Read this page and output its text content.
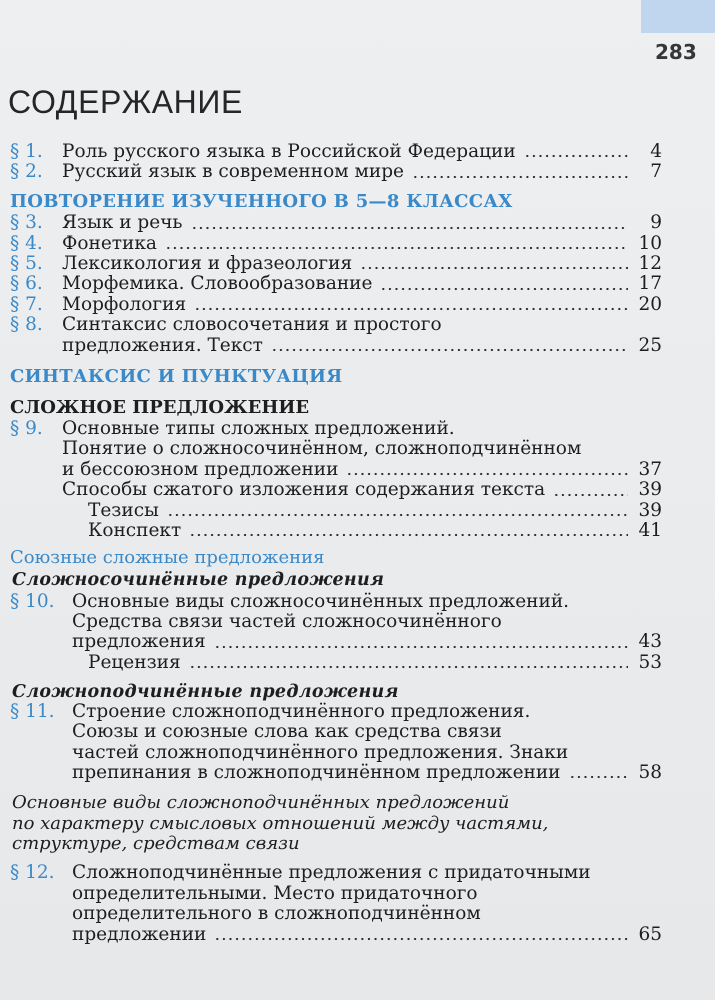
283
СОДЕРЖАНИЕ
§ 1.	Роль русского языка в Российской Федерации	4
§ 2.	Русский язык в современном мире	7
ПОВТОРЕНИЕ ИЗУЧЕННОГО В 5—8 КЛАССАХ
§ 3.	Язык и речь	9
§ 4.	Фонетика	10
§ 5.	Лексикология и фразеология	12
§ 6.	Морфемика. Словообразование	17
§ 7.	Морфология	20
§ 8.	Синтаксис словосочетания и простого
предложения. Текст	25
СИНТАКСИС И ПУНКТУАЦИЯ
СЛОЖНОЕ ПРЕДЛОЖЕНИЕ
§ 9.	Основные типы сложных предложений.
Понятие о сложносочинённом, сложноподчинённом
и бессоюзном предложении	37
Способы сжатого изложения содержания текста	39
Тезисы	39
Конспект	41
Союзные сложные предложения
Сложносочинённые предложения
§ 10. Основные виды сложносочинённых предложений.
Средства связи частей сложносочинённого
предложения	43
Рецензия	53
Сложноподчинённые предложения
§ 11. Строение сложноподчинённого предложения.
Союзы и союзные слова как средства связи
частей сложноподчинённого предложения. Знаки
препинания в сложноподчинённом предложении	58
Основные виды сложноподчинённых предложений
по характеру смысловых отношений между частями,
структуре, средствам связи
§ 12. Сложноподчинённые предложения с придаточными
определительными. Место придаточного
определительного в сложноподчинённом
предложении	65
